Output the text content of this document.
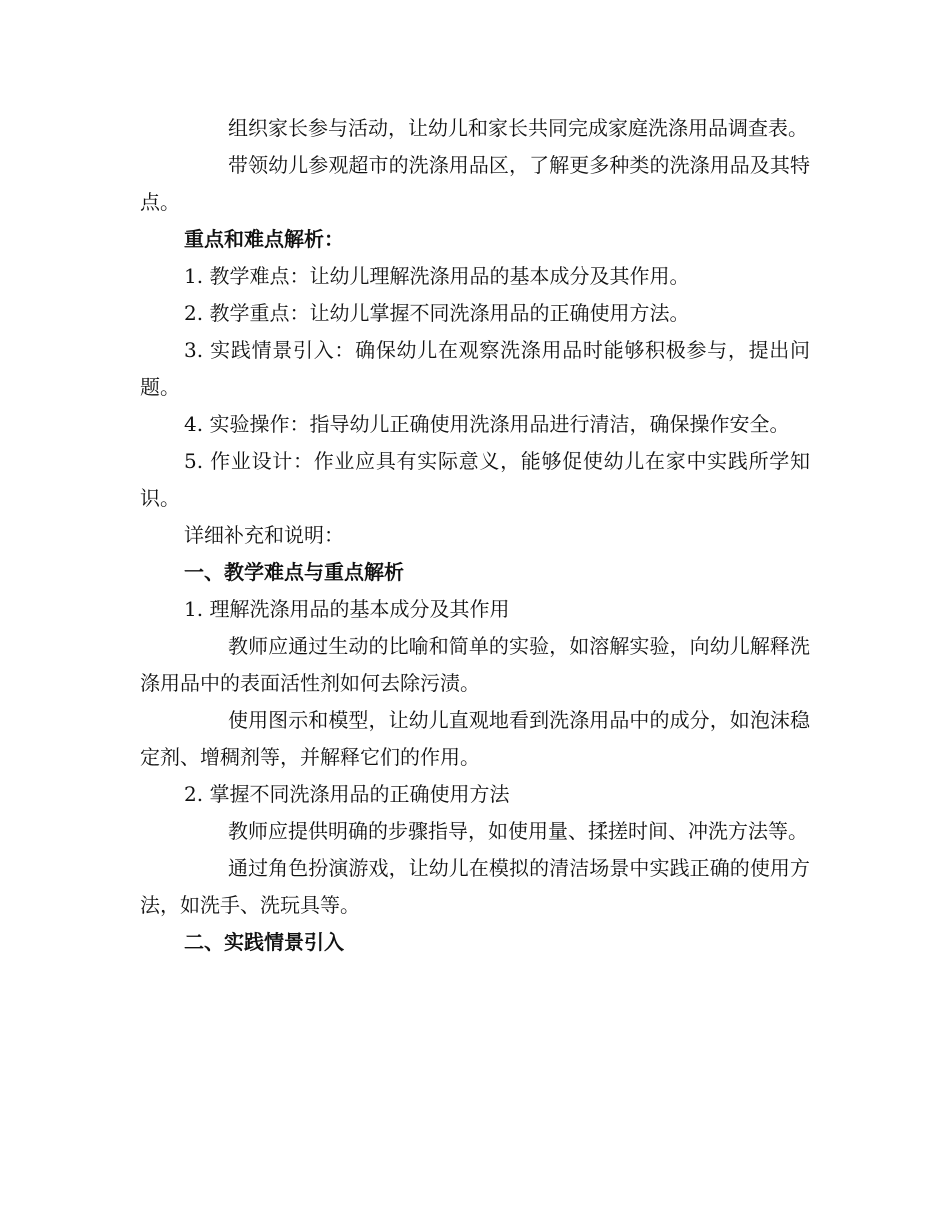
组织家长参与活动，让幼儿和家长共同完成家庭洗涤用品调查表。

带领幼儿参观超市的洗涤用品区，了解更多种类的洗涤用品及其特点。

重点和难点解析：

1. 教学难点：让幼儿理解洗涤用品的基本成分及其作用。

2. 教学重点：让幼儿掌握不同洗涤用品的正确使用方法。

3. 实践情景引入：确保幼儿在观察洗涤用品时能够积极参与，提出问题。

4. 实验操作：指导幼儿正确使用洗涤用品进行清洁，确保操作安全。

5. 作业设计：作业应具有实际意义，能够促使幼儿在家中实践所学知识。

详细补充和说明：

一、教学难点与重点解析

1. 理解洗涤用品的基本成分及其作用

教师应通过生动的比喻和简单的实验，如溶解实验，向幼儿解释洗涤用品中的表面活性剂如何去除污渍。

使用图示和模型，让幼儿直观地看到洗涤用品中的成分，如泡沫稳定剂、增稠剂等，并解释它们的作用。

2. 掌握不同洗涤用品的正确使用方法

教师应提供明确的步骤指导，如使用量、揉搓时间、冲洗方法等。

通过角色扮演游戏，让幼儿在模拟的清洁场景中实践正确的使用方法，如洗手、洗玩具等。

二、实践情景引入
